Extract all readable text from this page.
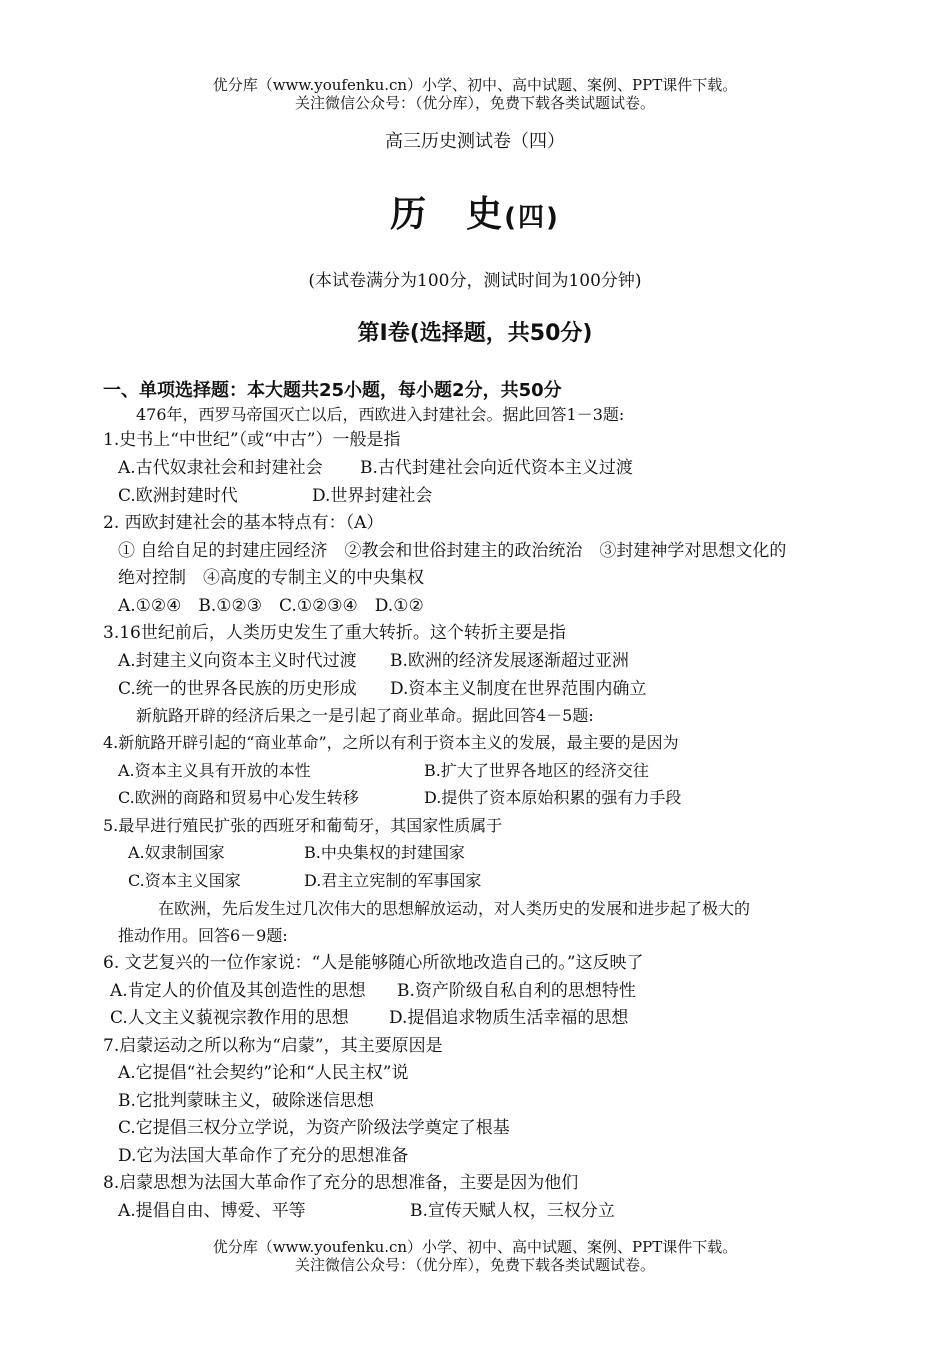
优分库（www.youfenku.cn）小学、初中、高中试题、案例、PPT课件下载。
关注微信公众号：（优分库），免费下载各类试题试卷。
高三历史测试卷（四）
历　史(四)
(本试卷满分为100分，测试时间为100分钟)
第Ⅰ卷(选择题，共50分)
一、单项选择题：本大题共25小题，每小题2分，共50分
476年，西罗马帝国灭亡以后，西欧进入封建社会。据此回答1－3题:
1.史书上“中世纪”（或“中古”）一般是指
A.古代奴隶社会和封建社会 B.古代封建社会向近代资本主义过渡
C.欧洲封建时代	D.世界封建社会
2. 西欧封建社会的基本特点有：（A）
① 自给自足的封建庄园经济　②教会和世俗封建主的政治统治　③封建神学对思想文化的
绝对控制　④高度的专制主义的中央集权
A.①②④　B.①②③　C.①②③④　D.①②
3.16世纪前后，人类历史发生了重大转折。这个转折主要是指
A.封建主义向资本主义时代过渡 B.欧洲的经济发展逐渐超过亚洲
C.统一的世界各民族的历史形成 D.资本主义制度在世界范围内确立
新航路开辟的经济后果之一是引起了商业革命。据此回答4－5题:
4.新航路开辟引起的“商业革命”，之所以有利于资本主义的发展，最主要的是因为
A.资本主义具有开放的本性	B.扩大了世界各地区的经济交往
C.欧洲的商路和贸易中心发生转移	D.提供了资本原始积累的强有力手段
5.最早进行殖民扩张的西班牙和葡萄牙，其国家性质属于
A.奴隶制国家	B.中央集权的封建国家
C.资本主义国家	D.君主立宪制的军事国家
在欧洲，先后发生过几次伟大的思想解放运动，对人类历史的发展和进步起了极大的
推动作用。回答6－9题:
6. 文艺复兴的一位作家说：“人是能够随心所欲地改造自己的。”这反映了
A.肯定人的价值及其创造性的思想 B.资产阶级自私自利的思想特性
C.人文主义藐视宗教作用的思想 D.提倡追求物质生活幸福的思想
7.启蒙运动之所以称为“启蒙”，其主要原因是
A.它提倡“社会契约”论和“人民主权”说
B.它批判蒙昧主义，破除迷信思想
C.它提倡三权分立学说，为资产阶级法学奠定了根基
D.它为法国大革命作了充分的思想准备
8.启蒙思想为法国大革命作了充分的思想准备，主要是因为他们
A.提倡自由、博爱、平等	B.宣传天赋人权，三权分立
优分库（www.youfenku.cn）小学、初中、高中试题、案例、PPT课件下载。
关注微信公众号：（优分库），免费下载各类试题试卷。
